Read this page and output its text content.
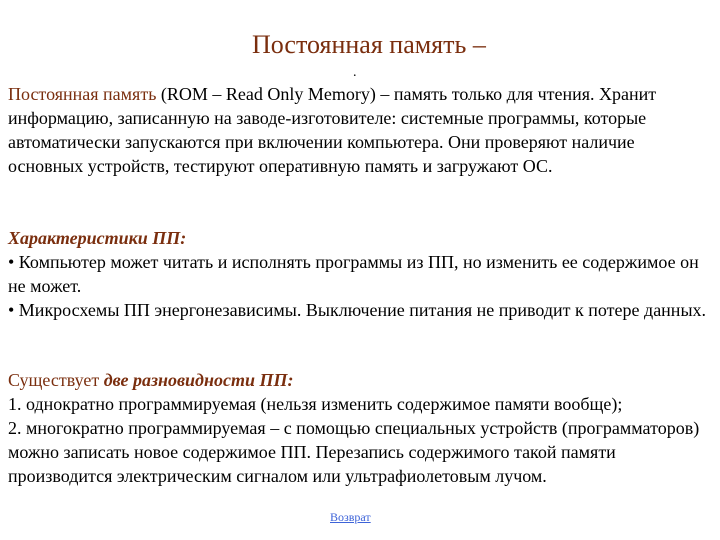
Постоянная память –
.

Постоянная память (ROM – Read Only Memory) – память только для чтения. Хранит информацию, записанную на заводе-изготовителе: системные программы, которые автоматически запускаются при включении компьютера. Они проверяют наличие основных устройств, тестируют оперативную память и загружают ОС.

Характеристики ПП:

• Компьютер может читать и исполнять программы из ПП, но изменить ее содержимое он не может.

• Микросхемы ПП энергонезависимы. Выключение питания не приводит к потере данных.

Существует две разновидности ПП:

1. однократно программируемая (нельзя изменить содержимое памяти вообще);

2. многократно программируемая – с помощью специальных устройств (программаторов) можно записать новое содержимое ПП. Перезапись содержимого такой памяти производится электрическим сигналом или ультрафиолетовым лучом.

Возврат
